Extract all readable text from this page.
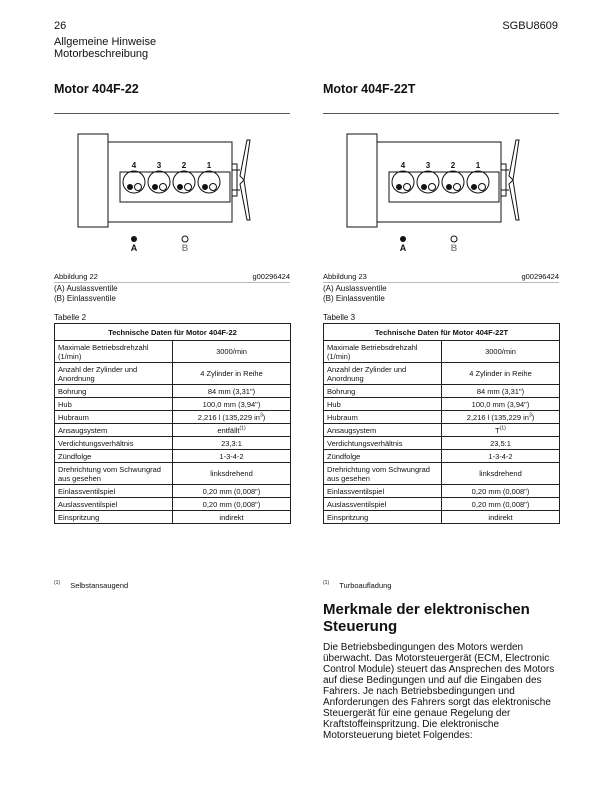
26	SGBU8609
Allgemeine Hinweise
Motorbeschreibung
Motor 404F-22
4	3	2	1
A	B
Abbildung 22	g00296424
(A) Auslassventile
(B) Einlassventile
Tabelle 2
Technische Daten für Motor 404F-22	
Maximale Betriebsdrehzahl (1/min)	3000/min
Anzahl der Zylinder und Anordnung	4 Zylinder in Reihe
Bohrung	84 mm (3,31")
Hub	100,0 mm (3,94")
Hubraum	2,216 l (135,229 $in^3$)
Ansaugsystem	entfällt$^{(1)}$
Verdichtungsverhältnis	23,3:1
Zündfolge	1-3-4-2
Drehrichtung vom Schwungrad aus gesehen	linksdrehend
Einlassventilspiel	0,20 mm (0,008")
Auslassventilspiel	0,20 mm (0,008")
Einspritzung	indirekt
$^{(1)}$ Selbstansaugend
Motor 404F-22T
4	3	2	1
A	B
Abbildung 23	g00296424
(A) Auslassventile
(B) Einlassventile
Tabelle 3
Technische Daten für Motor 404F-22T	
Maximale Betriebsdrehzahl (1/min)	3000/min
Anzahl der Zylinder und Anordnung	4 Zylinder in Reihe
Bohrung	84 mm (3,31")
Hub	100,0 mm (3,94")
Hubraum	2,216 l (135,229 $in^3$)
Ansaugsystem	$T^{(1)}$
Verdichtungsverhältnis	23,5:1
Zündfolge	1-3-4-2
Drehrichtung vom Schwungrad aus gesehen	linksdrehend
Einlassventilspiel	0,20 mm (0,008")
Auslassventilspiel	0,20 mm (0,008")
Einspritzung	indirekt
$^{(1)}$ Turboaufladung
Merkmale der elektronischen
Steuerung
Die Betriebsbedingungen des Motors werden überwacht. Das Motorsteuergerät (ECM, Electronic Control Module) steuert das Ansprechen des Motors auf diese Bedingungen und auf die Eingaben des Fahrers. Je nach Betriebsbedingungen und Anforderungen des Fahrers sorgt das elektronische Steuergerät für eine genaue Regelung der Kraftstoffeinspritzung. Die elektronische Motorsteuerung bietet Folgendes:
